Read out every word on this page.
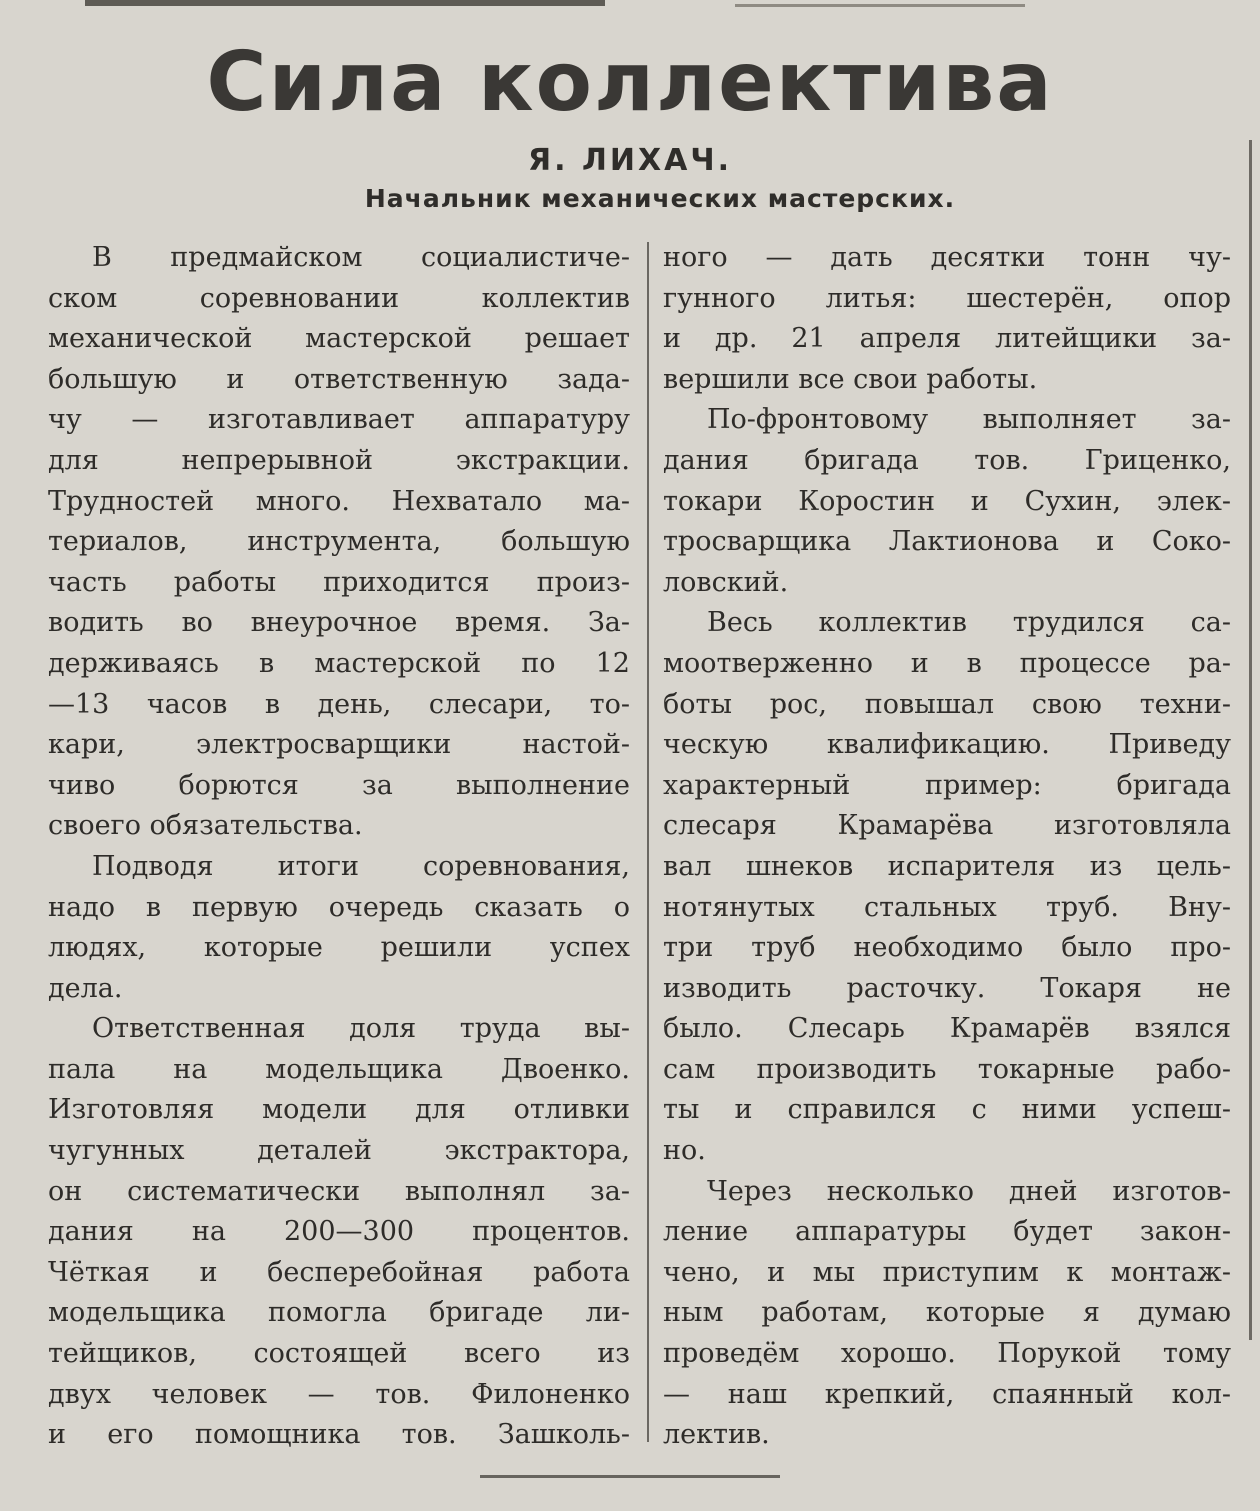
Сила коллектива
Я. ЛИХАЧ.
Начальник механических мастерских.
В предмайском социалистиче-
ском соревновании коллектив
механической мастерской решает
большую и ответственную зада-
чу — изготавливает аппаратуру
для непрерывной экстракции.
Трудностей много. Нехватало ма-
териалов, инструмента, большую
часть работы приходится произ-
водить во внеурочное время. За-
держиваясь в мастерской по 12
—13 часов в день, слесари, то-
кари, электросварщики настой-
чиво борются за выполнение
своего обязательства.
Подводя итоги соревнования,
надо в первую очередь сказать о
людях, которые решили успех
дела.
Ответственная доля труда вы-
пала на модельщика Двоенко.
Изготовляя модели для отливки
чугунных деталей экстрактора,
он систематически выполнял за-
дания на 200—300 процентов.
Чёткая и бесперебойная работа
модельщика помогла бригаде ли-
тейщиков, состоящей всего из
двух человек — тов. Филоненко
и его помощника тов. Зашколь-
ного — дать десятки тонн чу-
гунного литья: шестерён, опор
и др. 21 апреля литейщики за-
вершили все свои работы.
По-фронтовому выполняет за-
дания бригада тов. Гриценко,
токари Коростин и Сухин, элек-
тросварщика Лактионова и Соко-
ловский.
Весь коллектив трудился са-
моотверженно и в процессе ра-
боты рос, повышал свою техни-
ческую квалификацию. Приведу
характерный пример: бригада
слесаря Крамарёва изготовляла
вал шнеков испарителя из цель-
нотянутых стальных труб. Вну-
три труб необходимо было про-
изводить расточку. Токаря не
было. Слесарь Крамарёв взялся
сам производить токарные рабо-
ты и справился с ними успеш-
но.
Через несколько дней изготов-
ление аппаратуры будет закон-
чено, и мы приступим к монтаж-
ным работам, которые я думаю
проведём хорошо. Порукой тому
— наш крепкий, спаянный кол-
лектив.
